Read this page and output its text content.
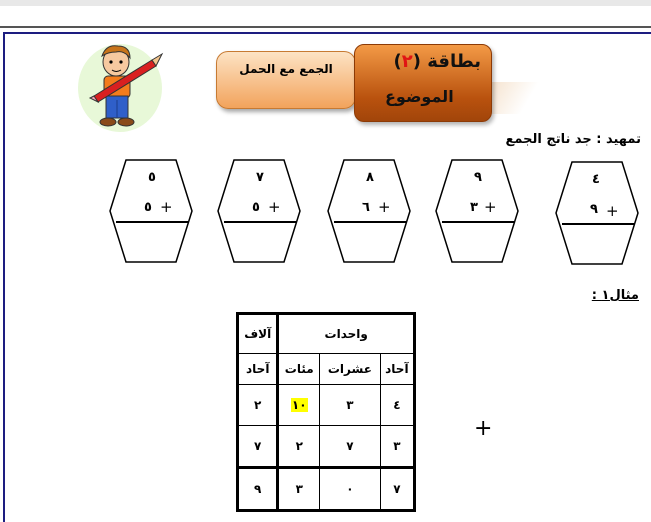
الجمع مع الحمل	بطاقة (٢)
الموضوع
تمهيد : جد ناتج الجمع
٥
٥ +
٧
٥ +
٨
٦ +
٩
٣ +
٤
٩ +
مثال١ :
واحدات			آلاف
آحاد	عشرات	مئات	آحاد
٤	٣	١٠	٢
٣	٧	٢	٧
٧	٠	٣	٩
+
